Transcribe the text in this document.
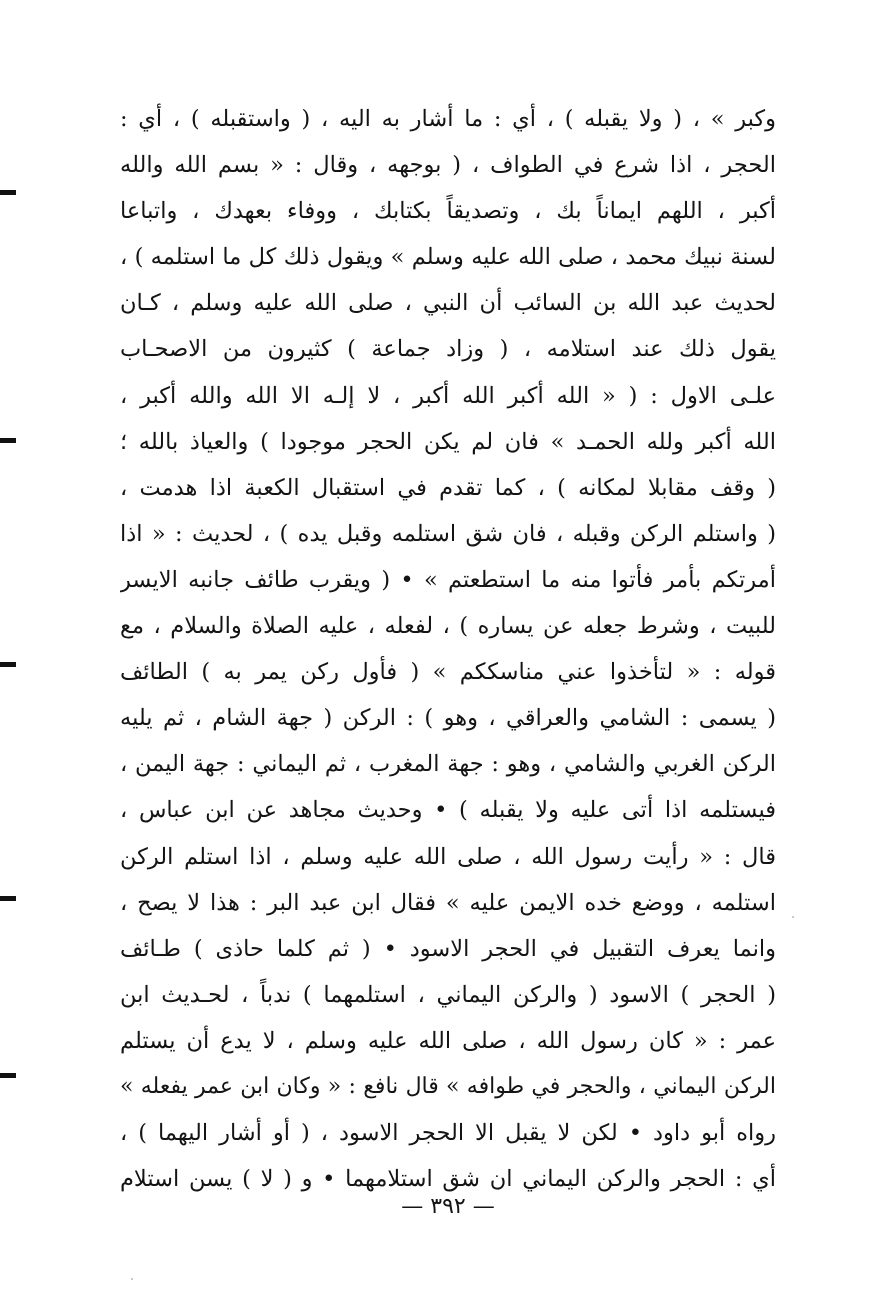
وكبر » ، ( ولا يقبله ) ، أي : ما أشار به اليه ، ( واستقبله ) ، أي :
الحجر ، اذا شرع في الطواف ، ( بوجهه ، وقال : « بسم الله والله
أكبر ، اللهم ايماناً بك ، وتصديقاً بكتابك ، ووفاء بعهدك ، واتباعا
لسنة نبيك محمد ، صلى الله عليه وسلم » ويقول ذلك كل ما استلمه ) ،
لحديث عبد الله بن السائب أن النبي ، صلى الله عليه وسلم ، كـان
يقول ذلك عند استلامه ، ( وزاد جماعة ) كثيرون من الاصحـاب
علـى الاول : ( « الله أكبر الله أكبر ، لا إلـه الا الله والله أكبر ،
الله أكبر ولله الحمـد » فان لم يكن الحجر موجودا ) والعياذ بالله ؛
( وقف مقابلا لمكانه ) ، كما تقدم في استقبال الكعبة اذا هدمت ،
( واستلم الركن وقبله ، فان شق استلمه وقبل يده ) ، لحديث : « اذا
أمرتكم بأمر فأتوا منه ما استطعتم » • ( ويقرب طائف جانبه الايسر
للبيت ، وشرط جعله عن يساره ) ، لفعله ، عليه الصلاة والسلام ، مع
قوله : « لتأخذوا عني مناسككم » ( فأول ركن يمر به ) الطائف
( يسمى : الشامي والعراقي ، وهو ) : الركن ( جهة الشام ، ثم يليه
الركن الغربي والشامي ، وهو : جهة المغرب ، ثم اليماني : جهة اليمن ،
فيستلمه اذا أتى عليه ولا يقبله ) • وحديث مجاهد عن ابن عباس ،
قال : « رأيت رسول الله ، صلى الله عليه وسلم ، اذا استلم الركن
استلمه ، ووضع خده الايمن عليه » فقال ابن عبد البر : هذا لا يصح ،
وانما يعرف التقبيل في الحجر الاسود • ( ثم كلما حاذى ) طـائف
( الحجر ) الاسود ( والركن اليماني ، استلمهما ) ندباً ، لحـديث ابن
عمر : « كان رسول الله ، صلى الله عليه وسلم ، لا يدع أن يستلم
الركن اليماني ، والحجر في طوافه » قال نافع : « وكان ابن عمر يفعله »
رواه أبو داود • لكن لا يقبل الا الحجر الاسود ، ( أو أشار اليهما ) ،
أي : الحجر والركن اليماني ان شق استلامهما • و ( لا ) يسن استلام
— ٣٩٢ —
